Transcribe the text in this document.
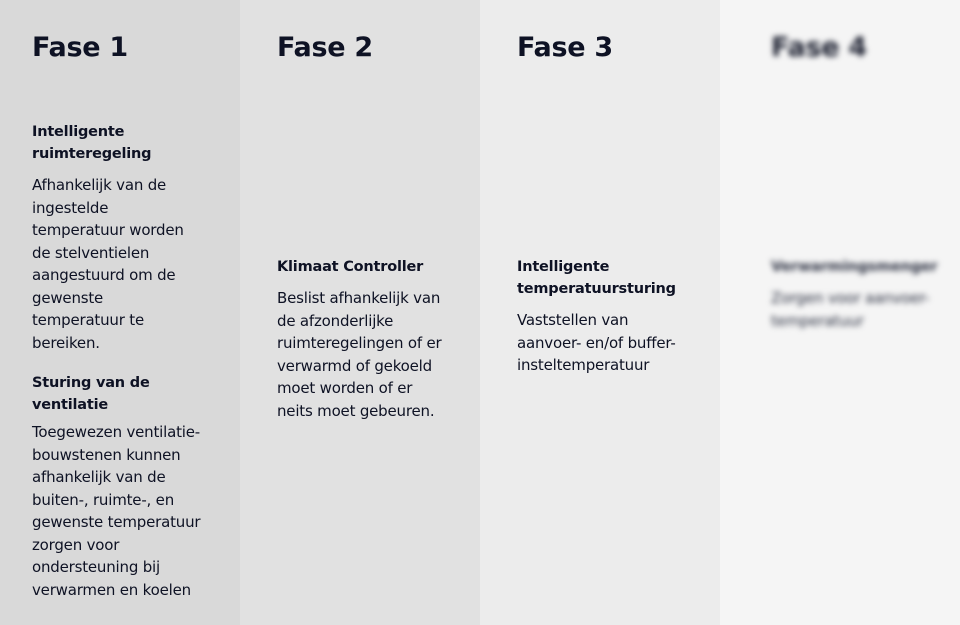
Fase 1
Intelligente ruimteregeling

Afhankelijk van de ingestelde temperatuur worden de stelventielen aangestuurd om de gewenste temperatuur te bereiken.

Sturing van de ventilatie

Toegewezen ventilatie-bouwstenen kunnen afhankelijk van de buiten-, ruimte-, en gewenste temperatuur zorgen voor ondersteuning bij verwarmen en koelen

Fase 2
Klimaat Controller

Beslist afhankelijk van de afzonderlijke ruimteregelingen of er verwarmd of gekoeld moet worden of er neits moet gebeuren.

Fase 3
Intelligente temperatuursturing

Vaststellen van aanvoer- en/of buffer-insteltemperatuur

Fase 4
Verwarmingsmenger

Zorgen voor aanvoer-temperatuur
